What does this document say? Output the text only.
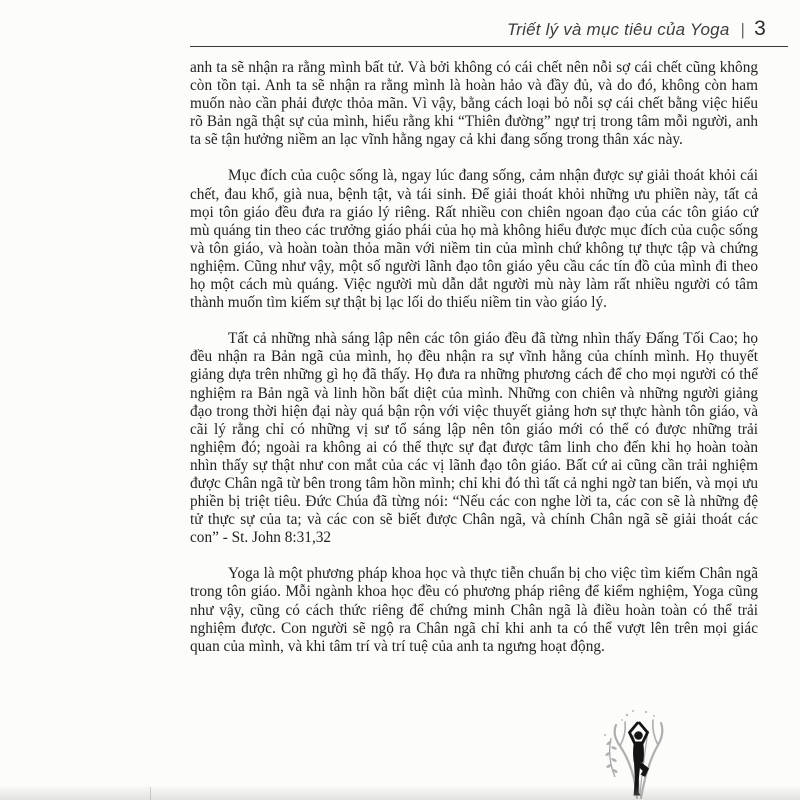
Triết lý và mục tiêu của Yoga | 3

anh ta sẽ nhận ra rằng mình bất tử. Và bởi không có cái chết nên nỗi sợ cái chết cũng không còn tồn tại. Anh ta sẽ nhận ra rằng mình là hoàn hảo và đầy đủ, và do đó, không còn ham muốn nào cần phải được thỏa mãn. Vì vậy, bằng cách loại bỏ nỗi sợ cái chết bằng việc hiểu rõ Bản ngã thật sự của mình, hiểu rằng khi “Thiên đường” ngự trị trong tâm mỗi người, anh ta sẽ tận hưởng niềm an lạc vĩnh hằng ngay cả khi đang sống trong thân xác này.

Mục đích của cuộc sống là, ngay lúc đang sống, cảm nhận được sự giải thoát khỏi cái chết, đau khổ, già nua, bệnh tật, và tái sinh. Để giải thoát khỏi những ưu phiền này, tất cả mọi tôn giáo đều đưa ra giáo lý riêng. Rất nhiều con chiên ngoan đạo của các tôn giáo cứ mù quáng tin theo các trưởng giáo phái của họ mà không hiểu được mục đích của cuộc sống và tôn giáo, và hoàn toàn thỏa mãn với niềm tin của mình chứ không tự thực tập và chứng nghiệm. Cũng như vậy, một số người lãnh đạo tôn giáo yêu cầu các tín đồ của mình đi theo họ một cách mù quáng. Việc người mù dẫn dắt người mù này làm rất nhiều người có tâm thành muốn tìm kiếm sự thật bị lạc lối do thiếu niềm tin vào giáo lý.

Tất cả những nhà sáng lập nên các tôn giáo đều đã từng nhìn thấy Đấng Tối Cao; họ đều nhận ra Bản ngã của mình, họ đều nhận ra sự vĩnh hằng của chính mình. Họ thuyết giảng dựa trên những gì họ đã thấy. Họ đưa ra những phương cách để cho mọi người có thể nghiệm ra Bản ngã và linh hồn bất diệt của mình. Những con chiên và những người giảng đạo trong thời hiện đại này quá bận rộn với việc thuyết giảng hơn sự thực hành tôn giáo, và cãi lý rằng chỉ có những vị sư tổ sáng lập nên tôn giáo mới có thể có được những trải nghiệm đó; ngoài ra không ai có thể thực sự đạt được tâm linh cho đến khi họ hoàn toàn nhìn thấy sự thật như con mắt của các vị lãnh đạo tôn giáo. Bất cứ ai cũng cần trải nghiệm được Chân ngã từ bên trong tâm hồn mình; chỉ khi đó thì tất cả nghi ngờ tan biến, và mọi ưu phiền bị triệt tiêu. Đức Chúa đã từng nói: “Nếu các con nghe lời ta, các con sẽ là những đệ tử thực sự của ta; và các con sẽ biết được Chân ngã, và chính Chân ngã sẽ giải thoát các con” - St. John 8:31,32

Yoga là một phương pháp khoa học và thực tiễn chuẩn bị cho việc tìm kiếm Chân ngã trong tôn giáo. Mỗi ngành khoa học đều có phương pháp riêng để kiểm nghiệm, Yoga cũng như vậy, cũng có cách thức riêng để chứng minh Chân ngã là điều hoàn toàn có thể trải nghiệm được. Con người sẽ ngộ ra Chân ngã chỉ khi anh ta có thể vượt lên trên mọi giác quan của mình, và khi tâm trí và trí tuệ của anh ta ngưng hoạt động.
